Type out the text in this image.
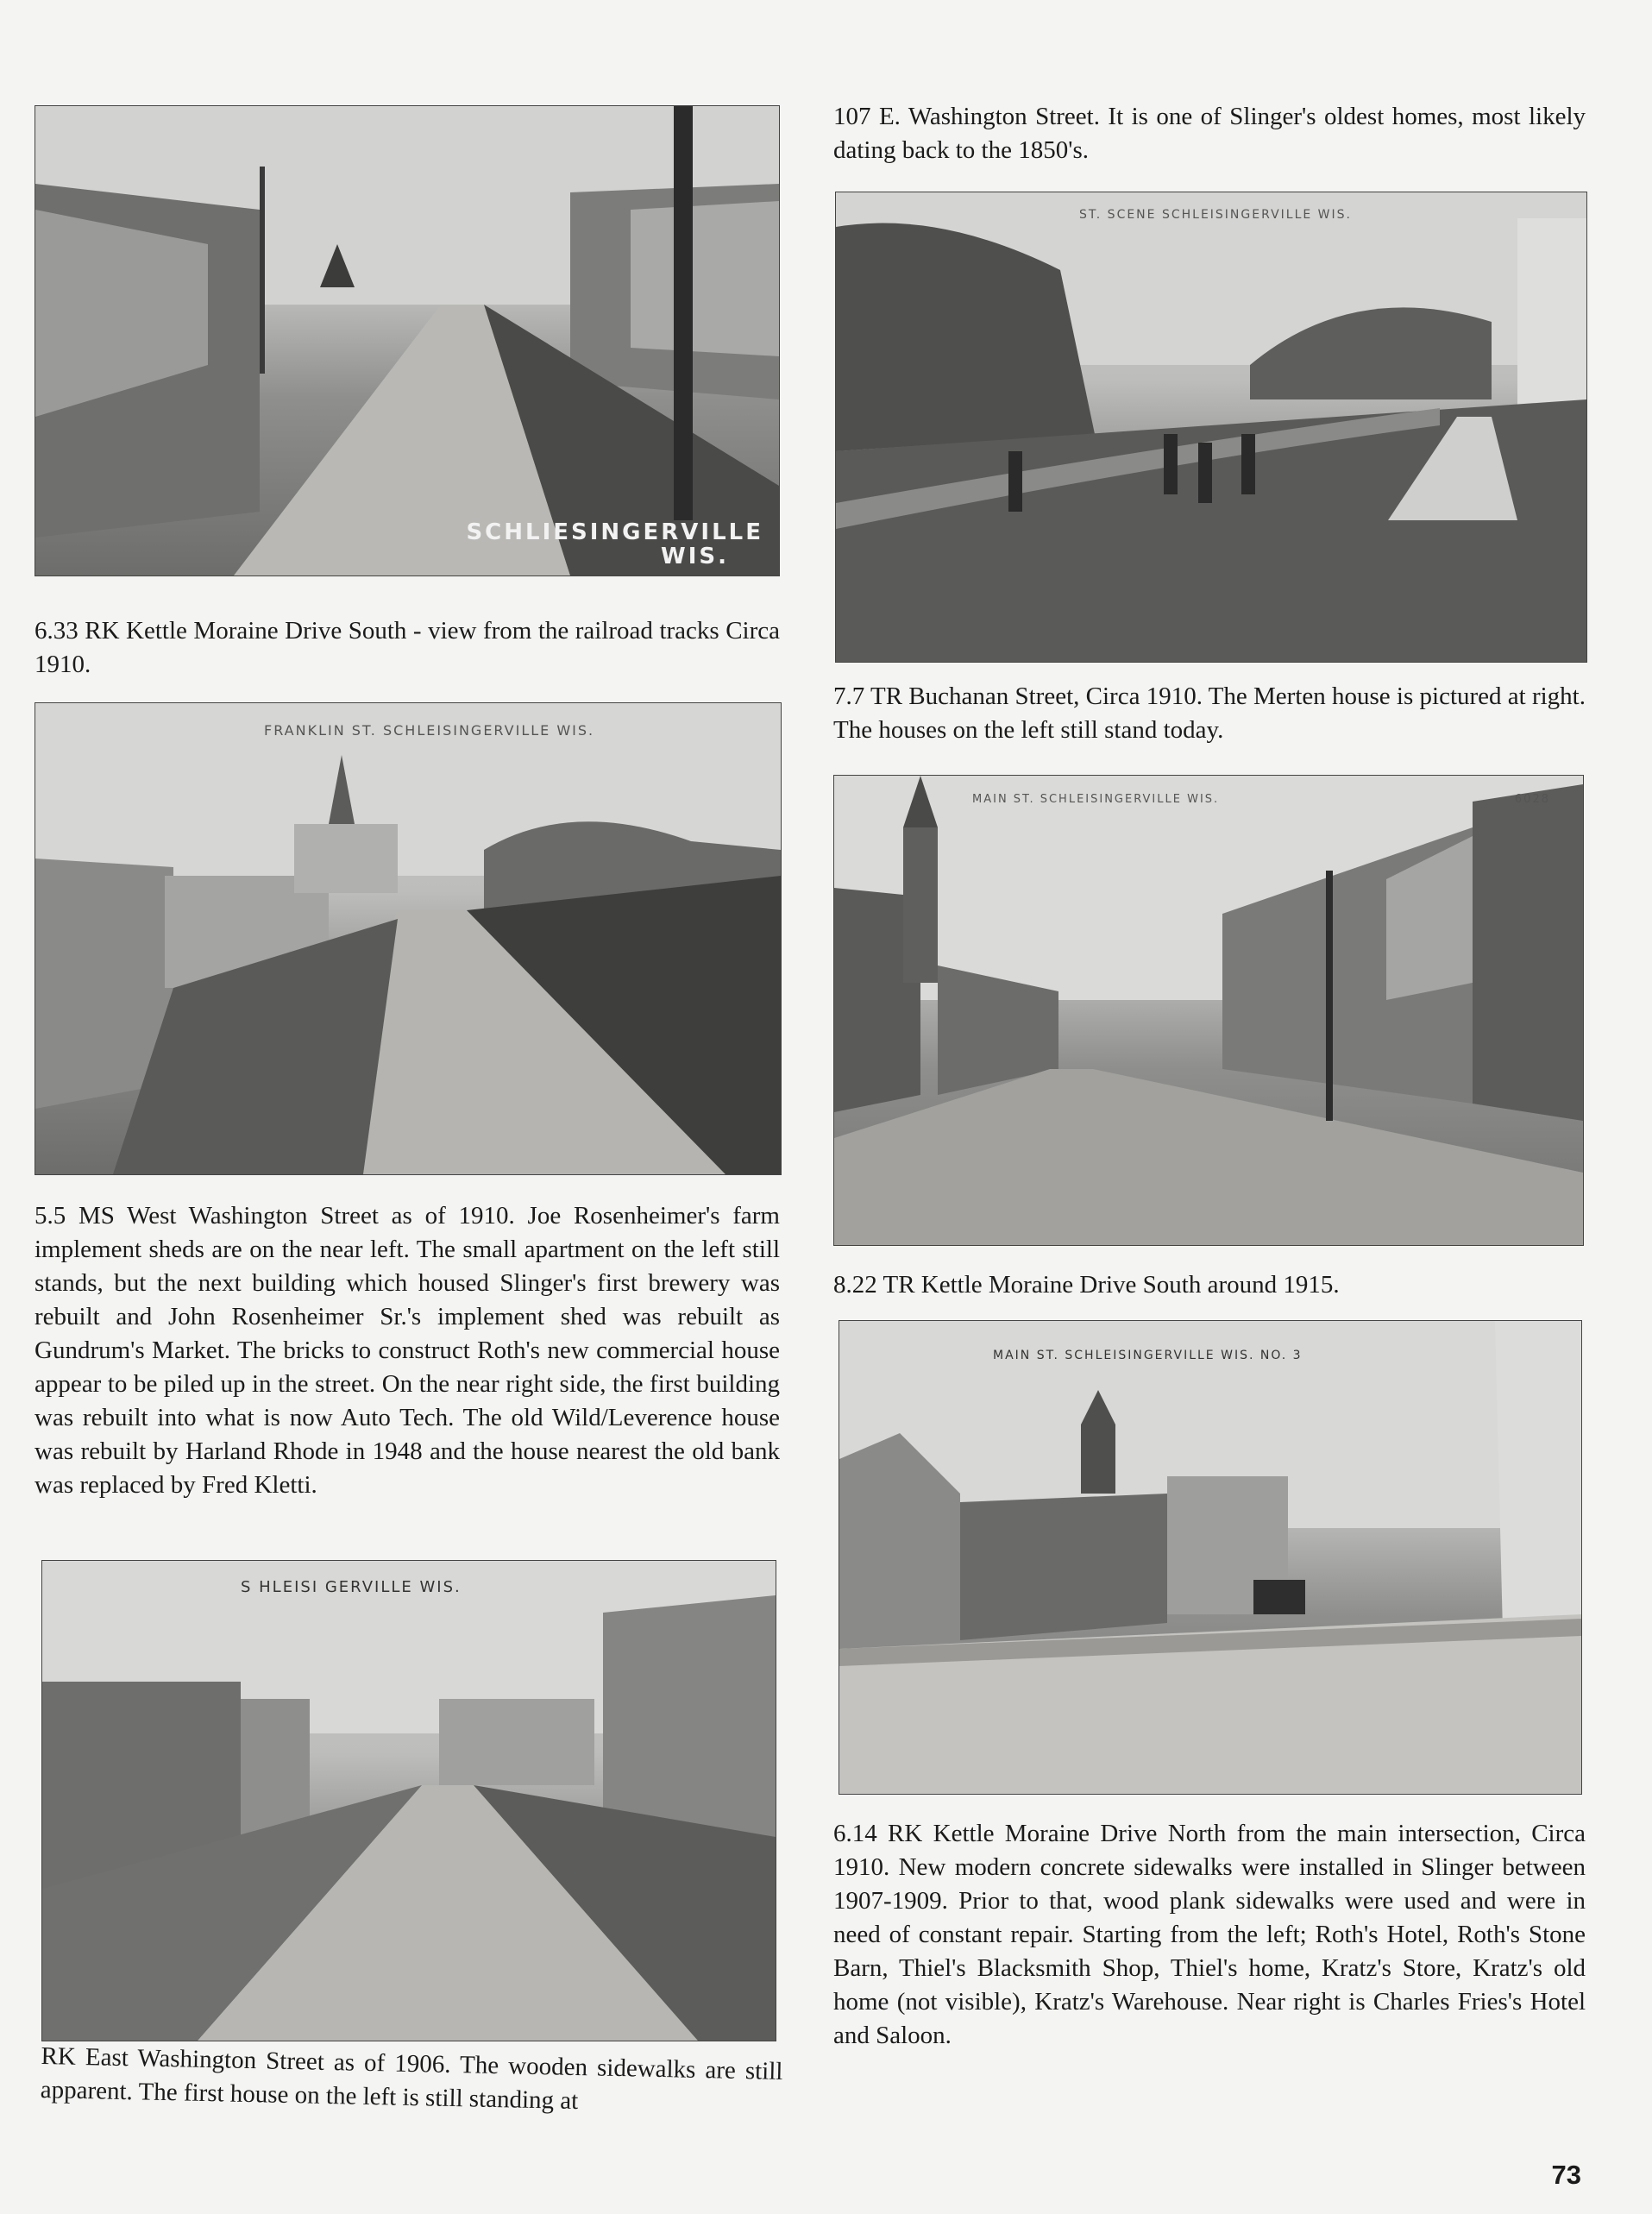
SCHLIESINGERVILLE
WIS.

6.33 RK Kettle Moraine Drive South - view from the railroad tracks Circa 1910.

FRANKLIN ST. SCHLEISINGERVILLE WIS.

5.5 MS West Washington Street as of 1910. Joe Rosenheimer's farm implement sheds are on the near left. The small apartment on the left still stands, but the next building which housed Slinger's first brewery was rebuilt and John Rosenheimer Sr.'s implement shed was rebuilt as Gundrum's Market. The bricks to construct Roth's new commercial house appear to be piled up in the street. On the near right side, the first building was rebuilt into what is now Auto Tech. The old Wild/Leverence house was rebuilt by Harland Rhode in 1948 and the house nearest the old bank was replaced by Fred Kletti.

S HLEISI GERVILLE WIS.

RK East Washington Street as of 1906. The wooden sidewalks are still apparent. The first house on the left is still standing at

107 E. Washington Street. It is one of Slinger's oldest homes, most likely dating back to the 1850's.

ST. SCENE SCHLEISINGERVILLE WIS.

7.7 TR Buchanan Street, Circa 1910. The Merten house is pictured at right. The houses on the left still stand today.

MAIN ST. SCHLEISINGERVILLE WIS.	6028

8.22 TR Kettle Moraine Drive South around 1915.

MAIN ST. SCHLEISINGERVILLE WIS. NO. 3

6.14 RK Kettle Moraine Drive North from the main intersection, Circa 1910. New modern concrete sidewalks were installed in Slinger between 1907-1909. Prior to that, wood plank sidewalks were used and were in need of constant repair. Starting from the left; Roth's Hotel, Roth's Stone Barn, Thiel's Blacksmith Shop, Thiel's home, Kratz's Store, Kratz's old home (not visible), Kratz's Warehouse. Near right is Charles Fries's Hotel and Saloon.

73
